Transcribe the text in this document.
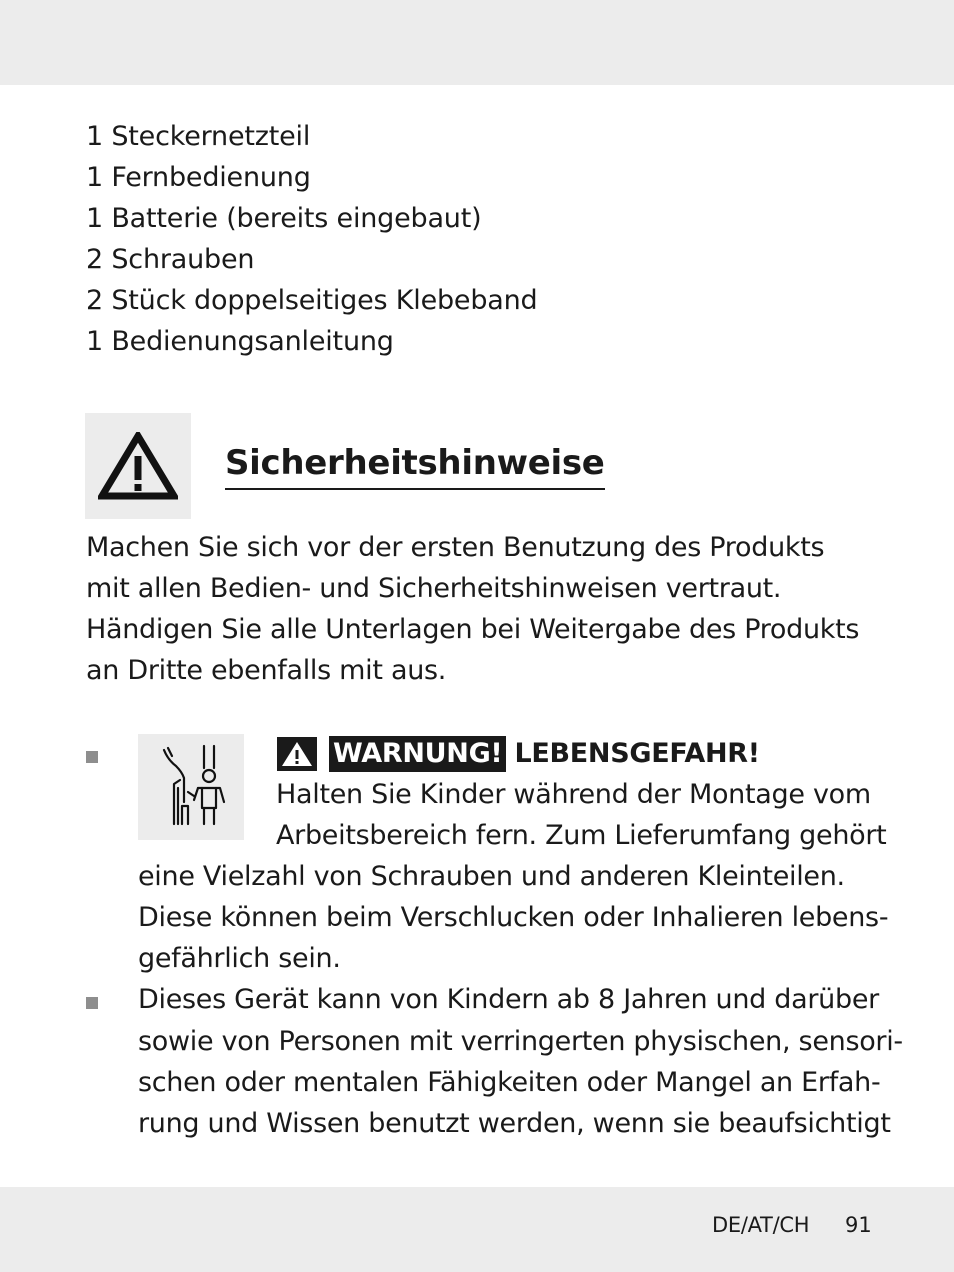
1 Steckernetzteil
1 Fernbedienung
1 Batterie (bereits eingebaut)
2 Schrauben
2 Stück doppelseitiges Klebeband
1 Bedienungsanleitung
Sicherheitshinweise

Machen Sie sich vor der ersten Benutzung des Produkts mit allen Bedien- und Sicherheitshinweisen vertraut. Händigen Sie alle Unterlagen bei Weitergabe des Produkts an Dritte ebenfalls mit aus.

WARNUNG! LEBENSGEFAHR!
Halten Sie Kinder während der Montage vom
Arbeitsbereich fern. Zum Lieferumfang gehört
eine Vielzahl von Schrauben und anderen Kleinteilen.
Diese können beim Verschlucken oder Inhalieren lebens-
gefährlich sein.
Dieses Gerät kann von Kindern ab 8 Jahren und darüber
sowie von Personen mit verringerten physischen, sensori-
schen oder mentalen Fähigkeiten oder Mangel an Erfah-
rung und Wissen benutzt werden, wenn sie beaufsichtigt
DE/AT/CH 91
